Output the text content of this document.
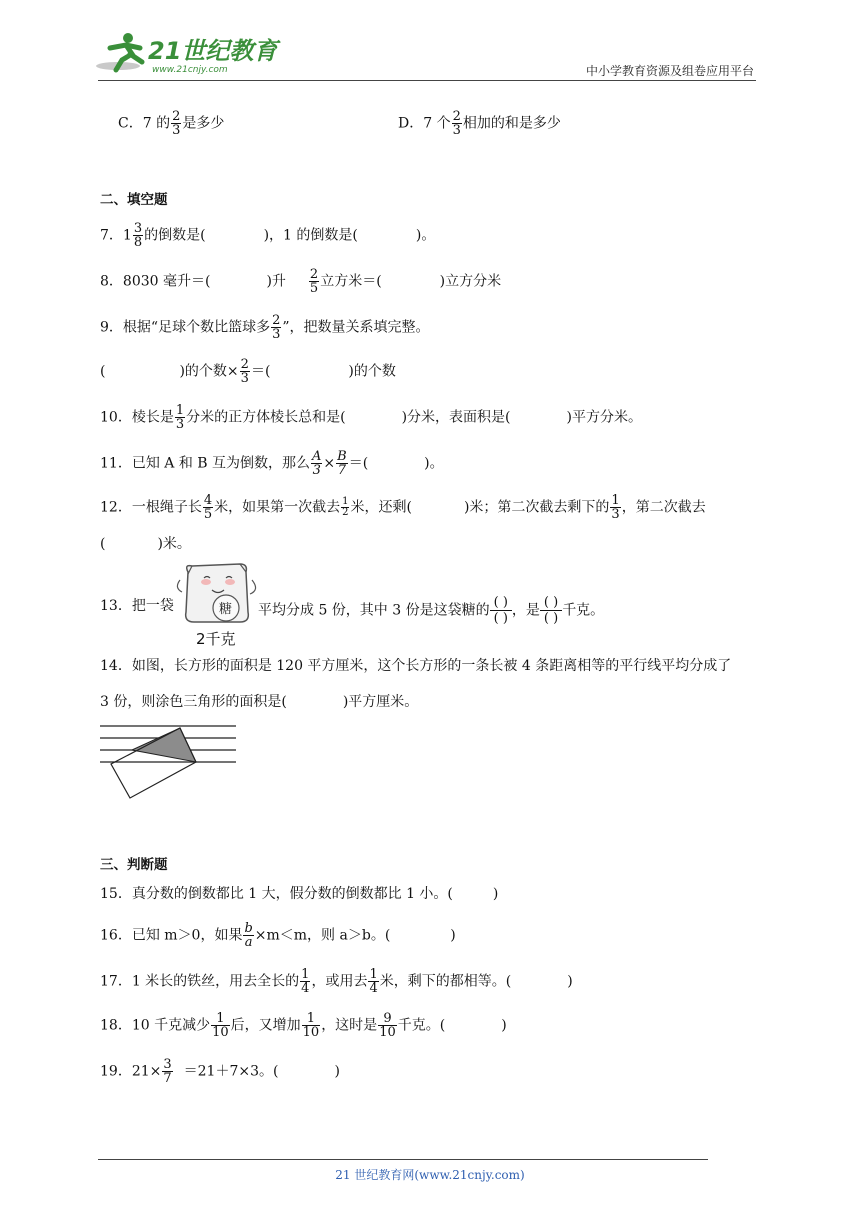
21世纪教育
www.21cnjy.com	中小学教育资源及组卷应用平台
C．7 的 $\frac{2}{3}$ 是多少	D．7 个 $\frac{2}{3}$ 相加的和是多少
二、填空题
7．$1 \frac{3}{8}$ 的倒数是(	)，1 的倒数是(	)。
8．8030 毫升＝(	)升 $\frac{2}{5}$ 立方米＝(	)立方分米
9．根据“足球个数比篮球多 $\frac{2}{3}$ ”，把数量关系填完整。
(	)的个数× $\frac{2}{3}$ ＝(	)的个数
10．棱长是 $\frac{1}{3}$ 分米的正方体棱长总和是(	)分米，表面积是(	)平方分米。
11．已知 A 和 B 互为倒数，那么 $\frac{A}{3} \times \frac{B}{7}$ ＝(	)。
12．一根绳子长 $\frac{4}{5}$ 米，如果第一次截去 $\frac{1}{2}$ 米，还剩(	)米；第二次截去剩下的 $\frac{1}{3}$ ，第二次截去
(	)米。
13．把一袋	糖
2千克
平均分成 5 份，其中 3 份是这袋糖的 $\frac{( )}{( )}$ ，是 $\frac{( )}{( )}$ 千克。
14．如图，长方形的面积是 120 平方厘米，这个长方形的一条长被 4 条距离相等的平行线平均分成了
3 份，则涂色三角形的面积是(	)平方厘米。
三、判断题
15．真分数的倒数都比 1 大，假分数的倒数都比 1 小。(	)
16．已知 m＞0，如果 $\frac{b}{a} \times m<m$，则 a＞b。(	)
17．1 米长的铁丝，用去全长的 $\frac{1}{4}$ ，或用去 $\frac{1}{4}$ 米，剩下的都相等。(	)
18．10 千克减少 $\frac{1}{10}$ 后，又增加 $\frac{1}{10}$ ，这时是 $\frac{9}{10}$ 千克。(	)
19．$21\times \frac{3}{7} =21+7\times 3$。(	)
21 世纪教育网(www.21cnjy.com)
